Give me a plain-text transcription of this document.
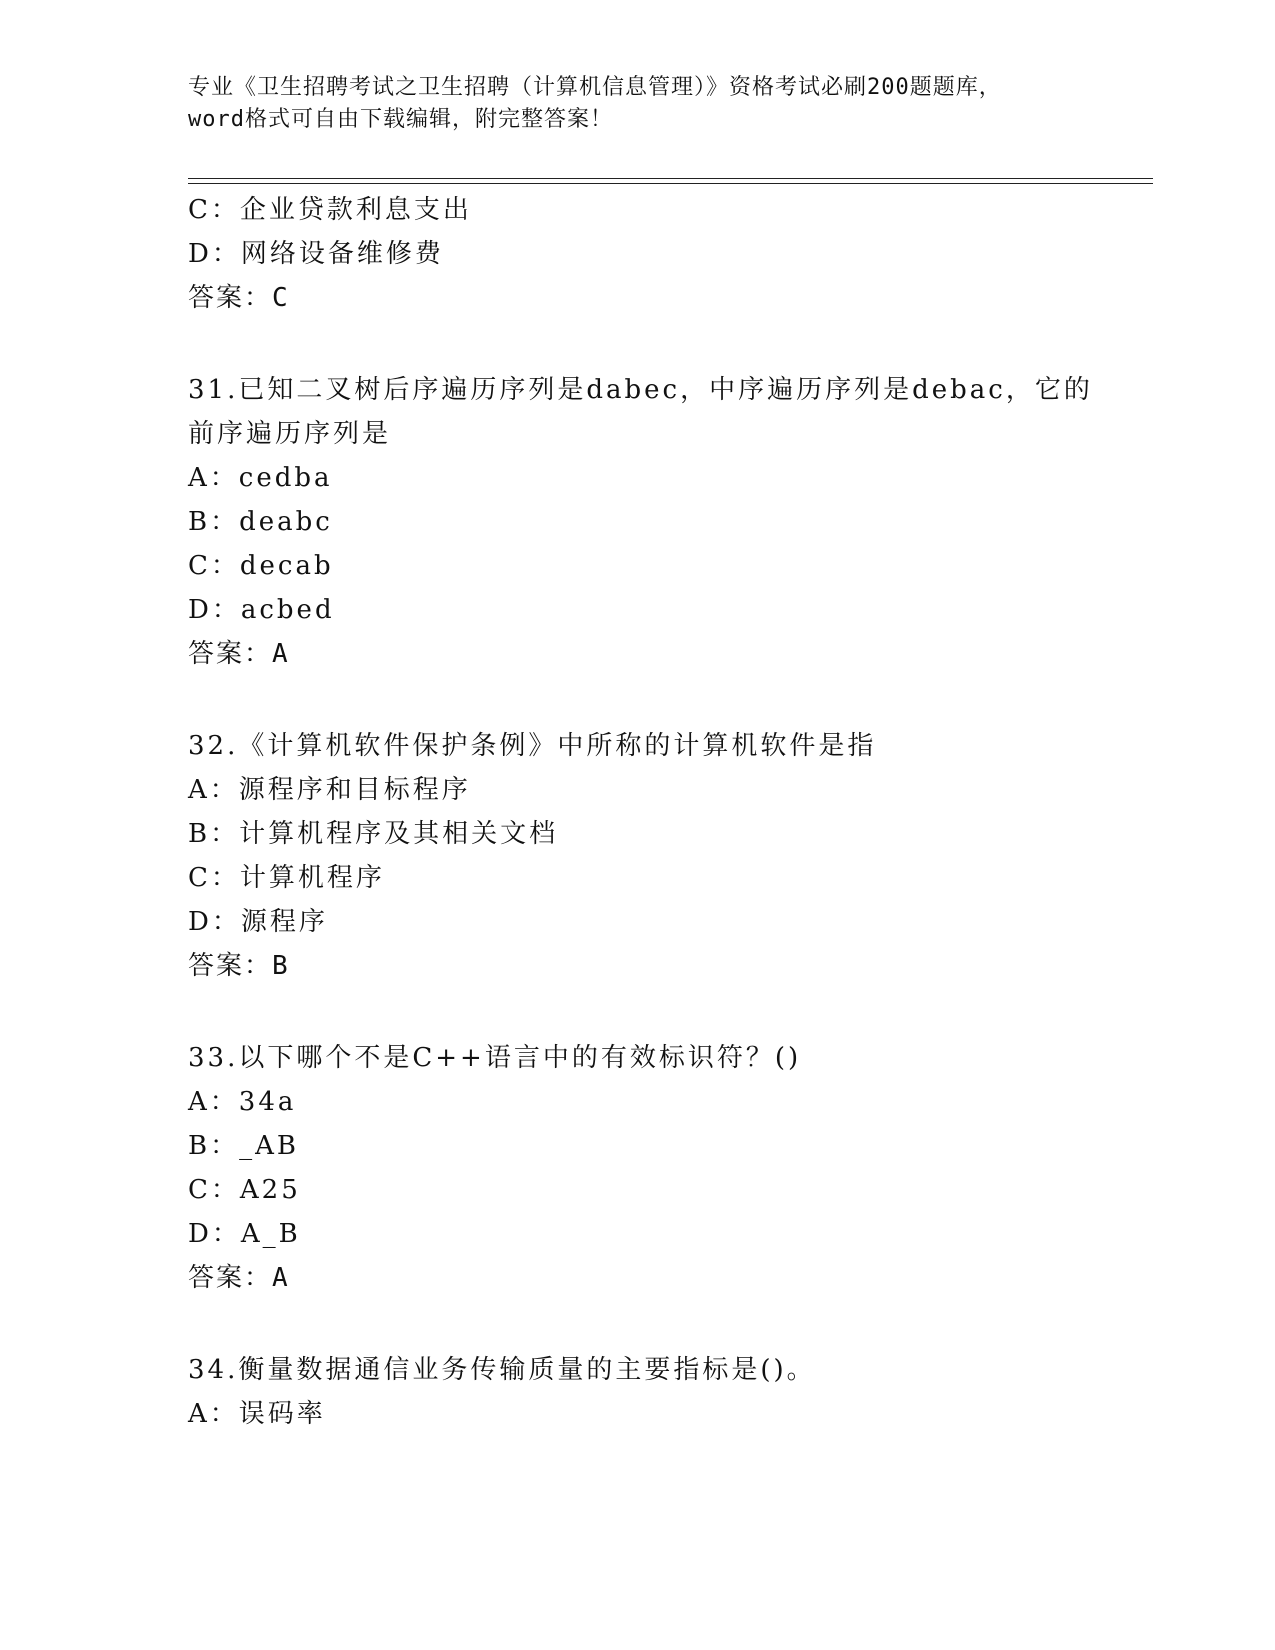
专业《卫生招聘考试之卫生招聘（计算机信息管理）》资格考试必刷200题题库，
word格式可自由下载编辑，附完整答案！
C：企业贷款利息支出
D：网络设备维修费
答案：C
31.已知二叉树后序遍历序列是dabec，中序遍历序列是debac，它的
前序遍历序列是
A：cedba
B：deabc
C：decab
D：acbed
答案：A
32.《计算机软件保护条例》中所称的计算机软件是指
A：源程序和目标程序
B：计算机程序及其相关文档
C：计算机程序
D：源程序
答案：B
33.以下哪个不是C++语言中的有效标识符？()
A：34a
B：_AB
C：A25
D：A_B
答案：A
34.衡量数据通信业务传输质量的主要指标是()。
A：误码率
